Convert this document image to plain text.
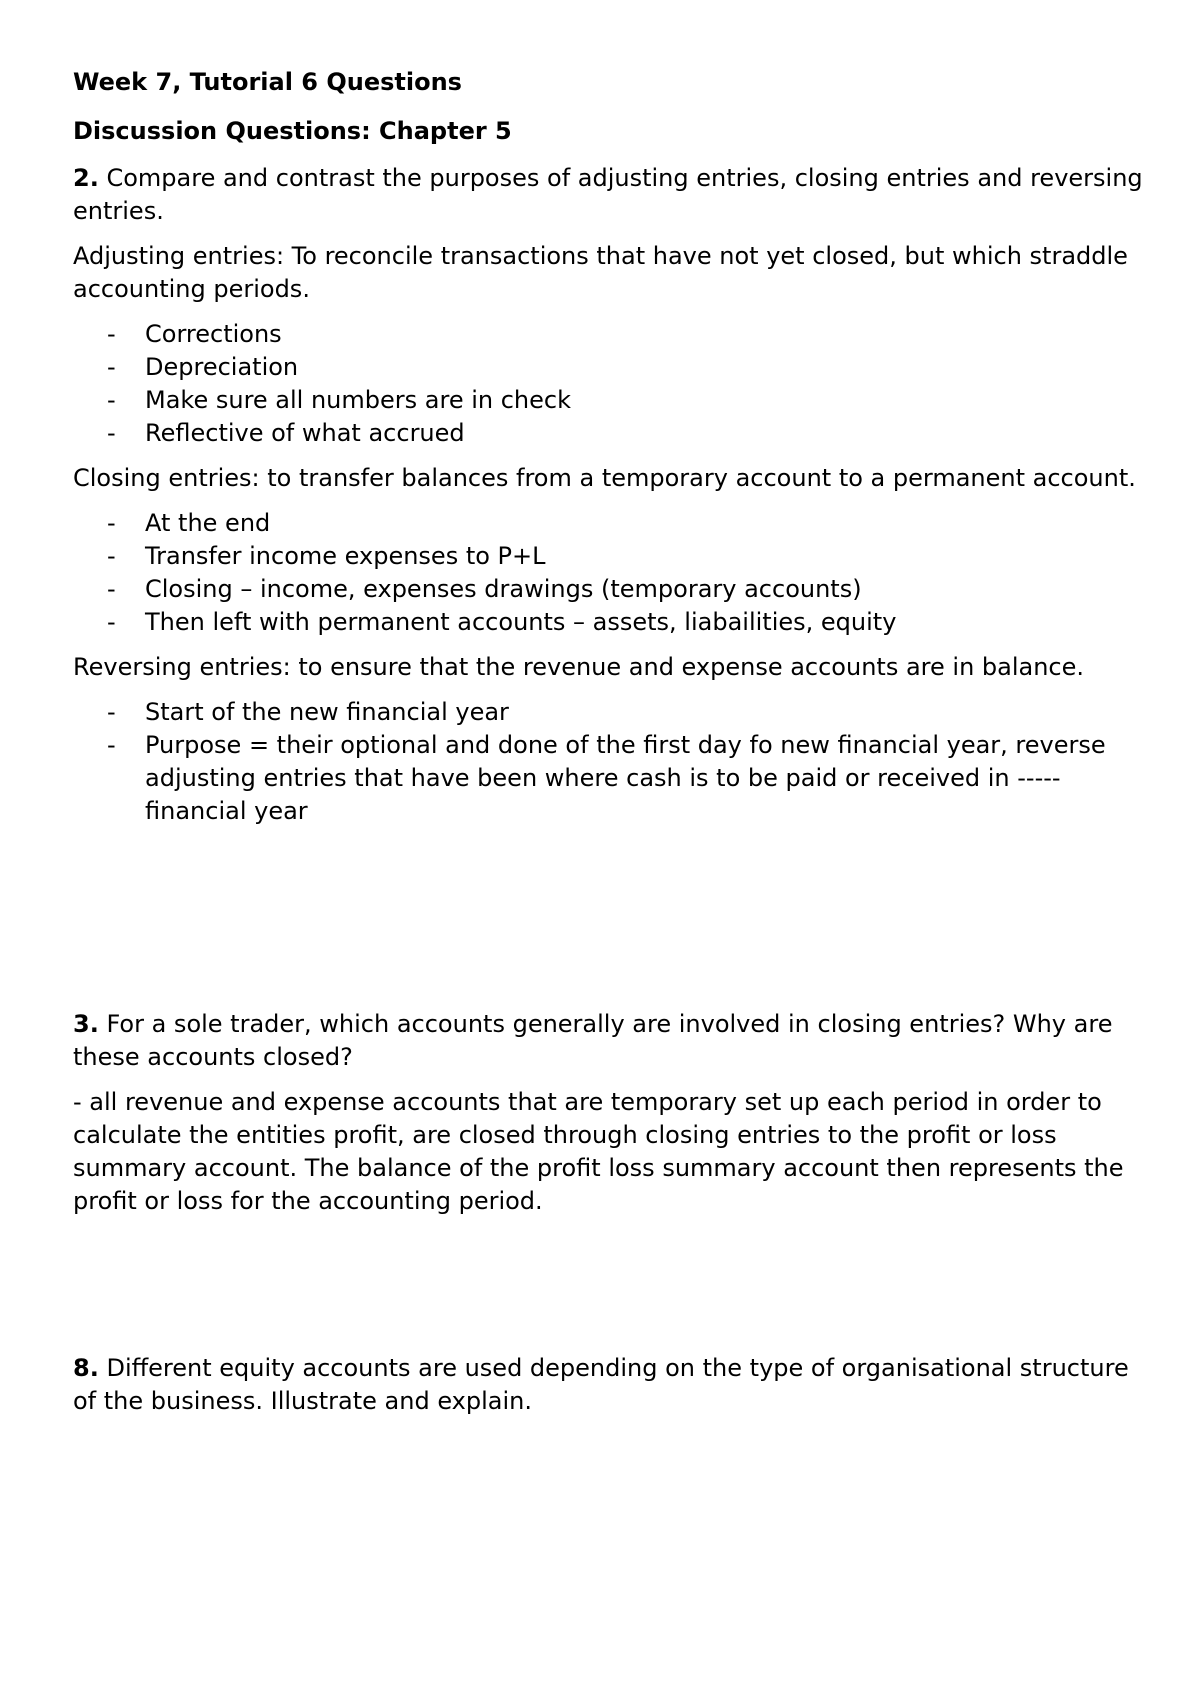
Week 7, Tutorial 6 Questions
Discussion Questions: Chapter 5

2. Compare and contrast the purposes of adjusting entries, closing entries and reversing entries.

Adjusting entries: To reconcile transactions that have not yet closed, but which straddle accounting periods.

- Corrections
- Depreciation
- Make sure all numbers are in check
- Reflective of what accrued

Closing entries: to transfer balances from a temporary account to a permanent account.

- At the end
- Transfer income expenses to P+L
- Closing – income, expenses drawings (temporary accounts)
- Then left with permanent accounts – assets, liabailities, equity

Reversing entries: to ensure that the revenue and expense accounts are in balance.

- Start of the new financial year
- Purpose = their optional and done of the first day fo new financial year, reverse adjusting entries that have been where cash is to be paid or received in ----- financial year

3. For a sole trader, which accounts generally are involved in closing entries? Why are these accounts closed?

- all revenue and expense accounts that are temporary set up each period in order to calculate the entities profit, are closed through closing entries to the profit or loss summary account. The balance of the profit loss summary account then represents the profit or loss for the accounting period.

8. Different equity accounts are used depending on the type of organisational structure of the business. Illustrate and explain.
